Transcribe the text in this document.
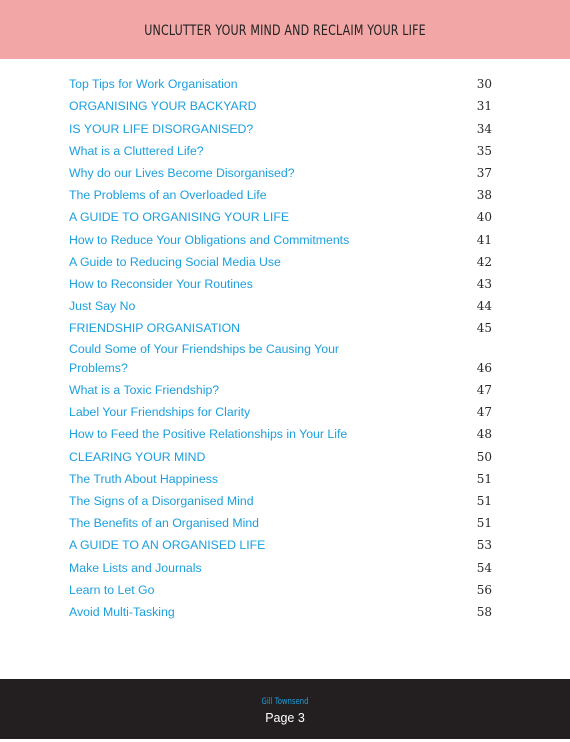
UNCLUTTER YOUR MIND AND RECLAIM YOUR LIFE
Top Tips for Work Organisation	30
ORGANISING YOUR BACKYARD	31
IS YOUR LIFE DISORGANISED?	34
What is a Cluttered Life?	35
Why do our Lives Become Disorganised?	37
The Problems of an Overloaded Life	38
A GUIDE TO ORGANISING YOUR LIFE	40
How to Reduce Your Obligations and Commitments	41
A Guide to Reducing Social Media Use	42
How to Reconsider Your Routines	43
Just Say No	44
FRIENDSHIP ORGANISATION	45
Could Some of Your Friendships be Causing Your Problems?	46
What is a Toxic Friendship?	47
Label Your Friendships for Clarity	47
How to Feed the Positive Relationships in Your Life	48
CLEARING YOUR MIND	50
The Truth About Happiness	51
The Signs of a Disorganised Mind	51
The Benefits of an Organised Mind	51
A GUIDE TO AN ORGANISED LIFE	53
Make Lists and Journals	54
Learn to Let Go	56
Avoid Multi-Tasking	58
Gill Townsend
Page 3
